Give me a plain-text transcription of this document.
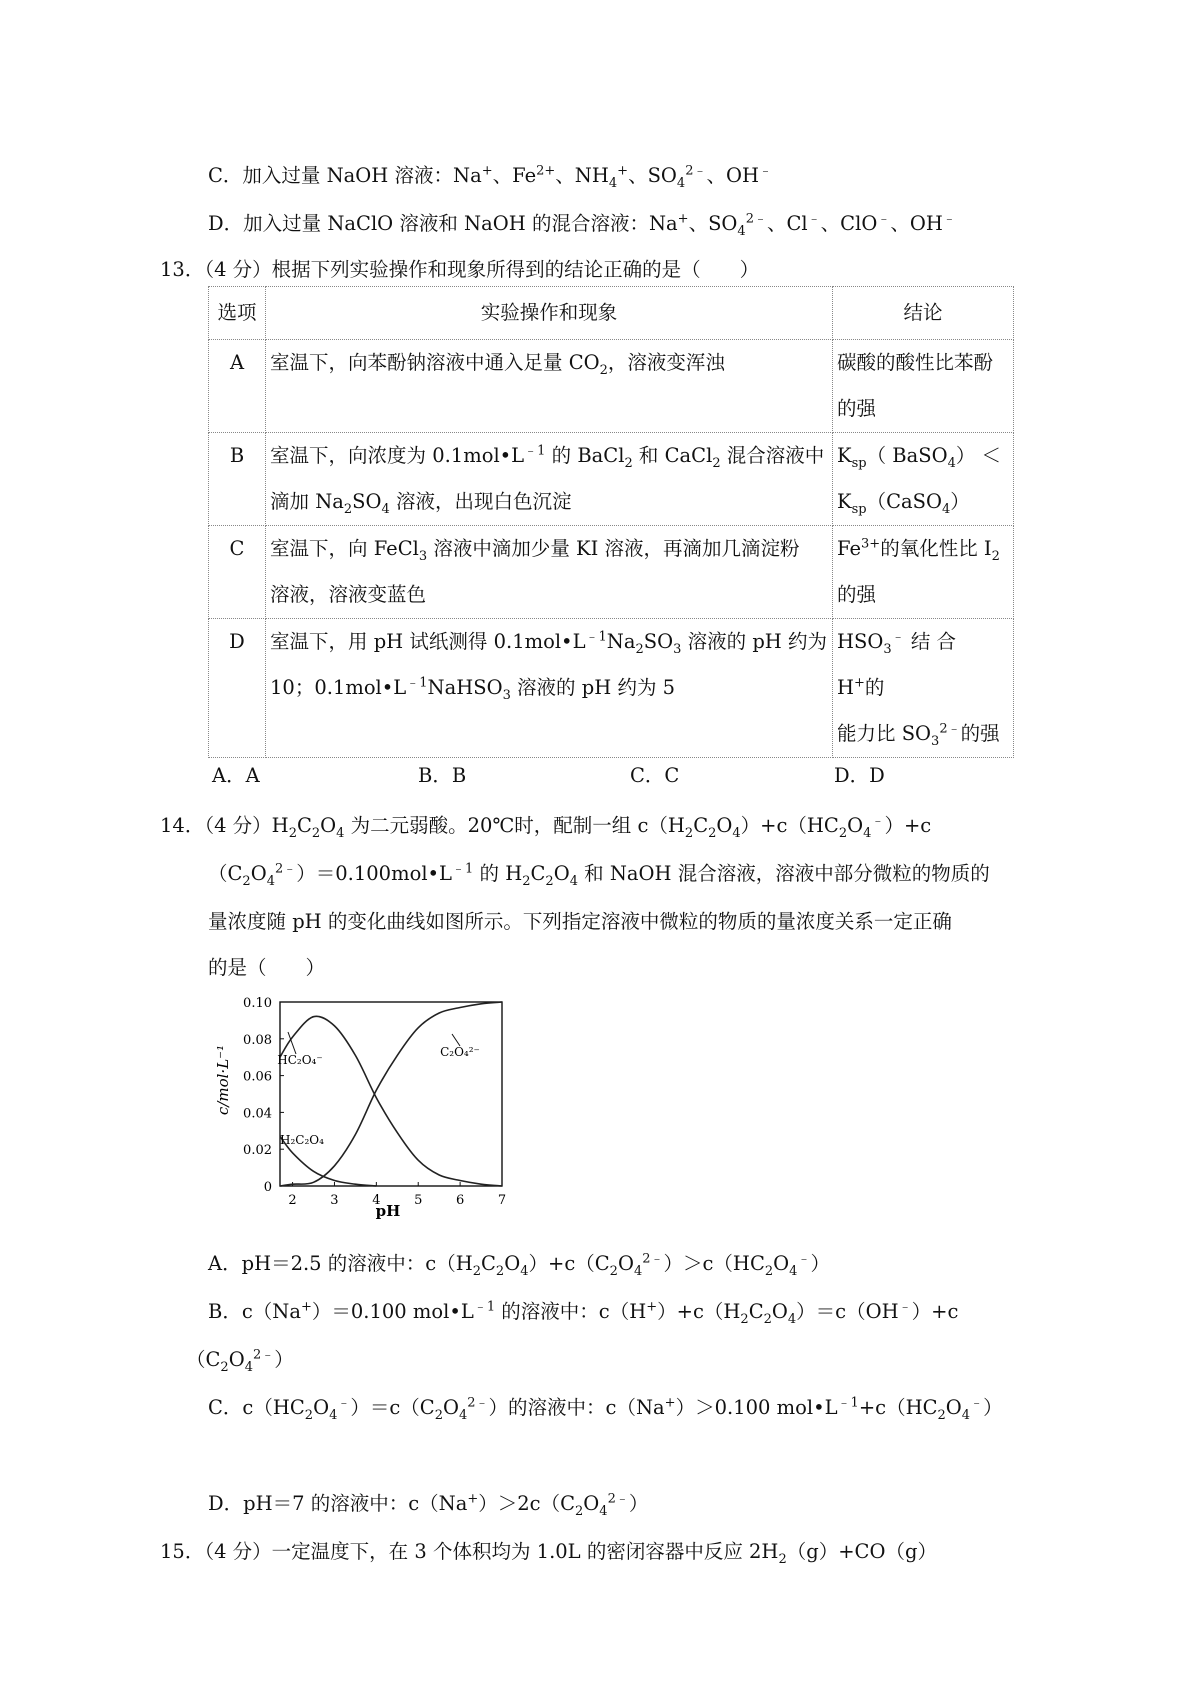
C．加入过量 NaOH 溶液：Na+、$Fe^{2+}$、$NH_4^+$、$SO_4^{2﹣}$、OH﹣
D．加入过量 NaClO 溶液和 NaOH 的混合溶液：Na+、$SO_4^{2﹣}$、Cl﹣、ClO﹣、OH﹣
13．（4 分）根据下列实验操作和现象所得到的结论正确的是（　　）
选项	实验操作和现象	结论
A	室温下，向苯酚钠溶液中通入足量 $CO_2$，溶液变浑浊	碳酸的酸性比苯酚
的强
B	室温下，向浓度为 $0.1mol•L^{﹣1}$ 的 BaCl$_2$ 和 CaCl$_2$ 混合溶液中
滴加 $Na_2SO_4$ 溶液，出现白色沉淀	$K_{sp}$（ BaSO$_4$） ＜
$K_{sp}(CaSO_4)$
C	室温下，向 FeCl$_3$ 溶液中滴加少量 KI 溶液，再滴加几滴淀粉
溶液，溶液变蓝色	$Fe^{3+}$的氧化性比 $I_2$
的强
D	室温下，用 pH 试纸测得 $0.1mol•L^{﹣1}Na_2SO_3$ 溶液的 pH 约为
10；$0.1mol•L^{﹣1}NaHSO_3$ 溶液的 pH 约为 5	$HSO_3^﹣$ 结 合 H+的
能力比 $SO_3^{2﹣}$的强
A．A	B．B	C．C	D．D
14．（4 分）$H_2C_2O_4$ 为二元弱酸。20℃时，配制一组 $c(H_2C_2O_4)+c(HC_2O_4^﹣)+c$
$(C_2O_4^{2﹣})=0.100mol•L^{﹣1}$ 的 $H_2C_2O_4$ 和 NaOH 混合溶液，溶液中部分微粒的物质的
量浓度随 pH 的变化曲线如图所示。下列指定溶液中微粒的物质的量浓度关系一定正确
的是（　　）
0
0.02
0.04
0.06
0.08
0.10
2	3	4	5	6	7
c/mol·L⁻¹
pH
HC₂O₄⁻
C₂O₄²⁻
H₂C₂O₄
A．pH＝2.5 的溶液中：$c(H_2C_2O_4)+c(C_2O_4^{2﹣})>c(HC_2O_4^﹣)$
B．c（Na+）＝0.100 $mol•L^{﹣1}$ 的溶液中：$c(H^+)+c(H_2C_2O_4)=c(OH^﹣)+c$
$(C_2O_4^{2﹣})$
C．$c(HC_2O_4^﹣)=c(C_2O_4^{2﹣})$的溶液中：c（Na+）＞0.100 $mol•L^{﹣1}+c(HC_2O_4^﹣)$
D．pH＝7 的溶液中：$c(Na^+)>2c(C_2O_4^{2﹣})$
15．（4 分）一定温度下，在 3 个体积均为 1.0L 的密闭容器中反应 $2H_2(g)+CO(g)$
